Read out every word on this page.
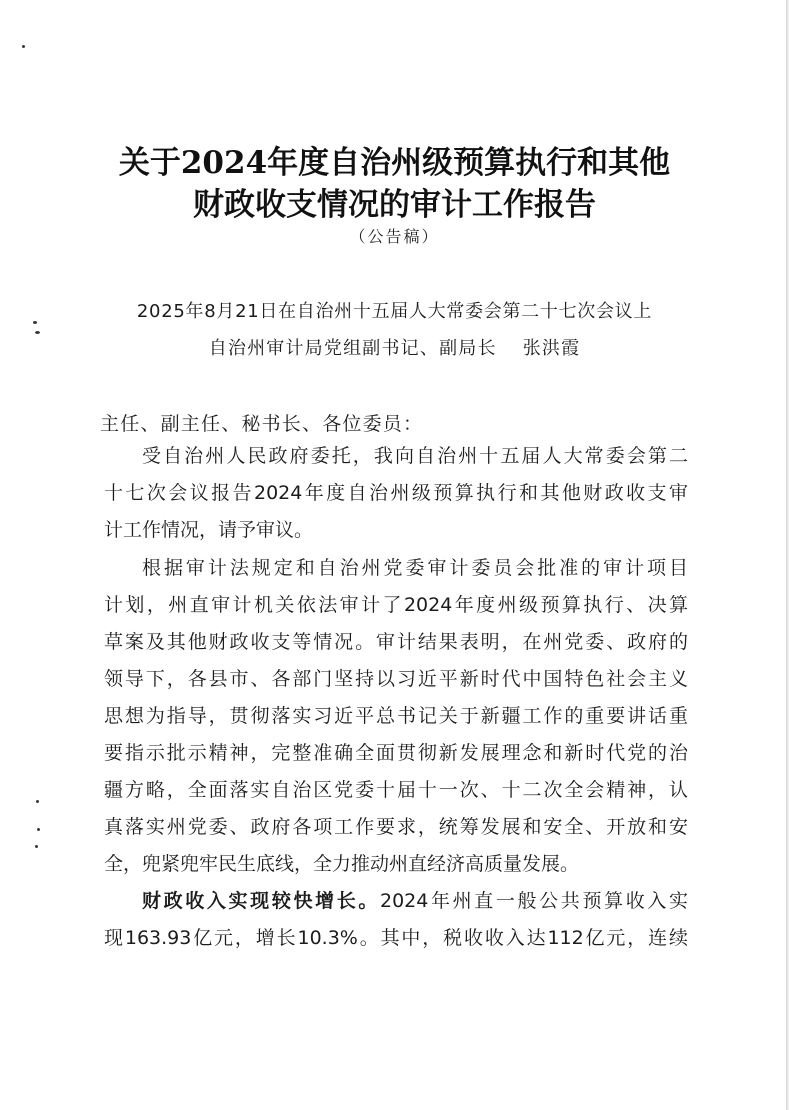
关于2024年度自治州级预算执行和其他
财政收支情况的审计工作报告
（公告稿）
2025年8月21日在自治州十五届人大常委会第二十七次会议上
自治州审计局党组副书记、副局长 张洪霞
主任、副主任、秘书长、各位委员：
受自治州人民政府委托，我向自治州十五届人大常委会第二
十七次会议报告2024年度自治州级预算执行和其他财政收支审
计工作情况，请予审议。
根据审计法规定和自治州党委审计委员会批准的审计项目
计划，州直审计机关依法审计了2024年度州级预算执行、决算
草案及其他财政收支等情况。审计结果表明，在州党委、政府的
领导下，各县市、各部门坚持以习近平新时代中国特色社会主义
思想为指导，贯彻落实习近平总书记关于新疆工作的重要讲话重
要指示批示精神，完整准确全面贯彻新发展理念和新时代党的治
疆方略，全面落实自治区党委十届十一次、十二次全会精神，认
真落实州党委、政府各项工作要求，统筹发展和安全、开放和安
全，兜紧兜牢民生底线，全力推动州直经济高质量发展。
财政收入实现较快增长。2024年州直一般公共预算收入实
现163.93亿元，增长10.3%。其中，税收收入达112亿元，连续
